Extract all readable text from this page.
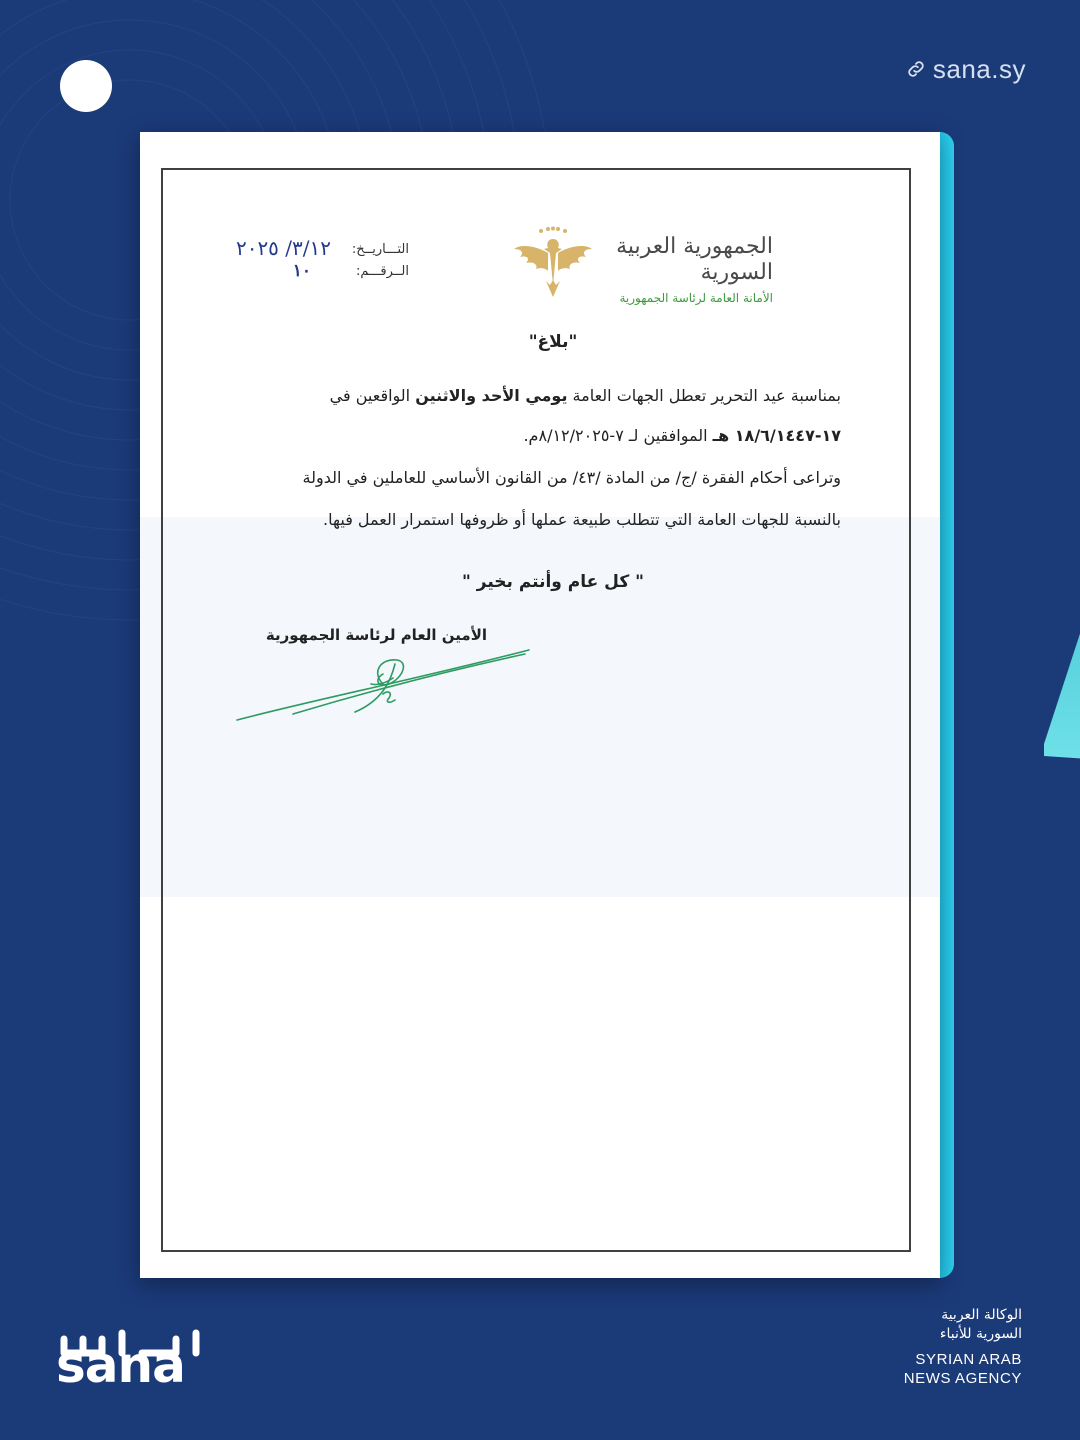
sana.sy
الجمهورية العربية السورية
الأمانة العامة لرئاسة الجمهورية
التـــاريــخ:
٣/١٢/ ٢٠٢٥
الــرقـــم:
١٠
"بلاغ"
بمناسبة عيد التحرير تعطل الجهات العامة يومي الأحد والاثنين الواقعين في
١٧-١٨/٦/١٤٤٧ هـ الموافقين لـ ٧-٨/١٢/٢٠٢٥م.
وتراعى أحكام الفقرة /ج/ من المادة /٤٣/ من القانون الأساسي للعاملين في الدولة
بالنسبة للجهات العامة التي تتطلب طبيعة عملها أو ظروفها استمرار العمل فيها.
" كل عام وأنتم بخير "
الأمين العام لرئاسة الجمهورية
sana
الوكالة العربية
السورية للأنباء
SYRIAN ARAB
NEWS AGENCY
